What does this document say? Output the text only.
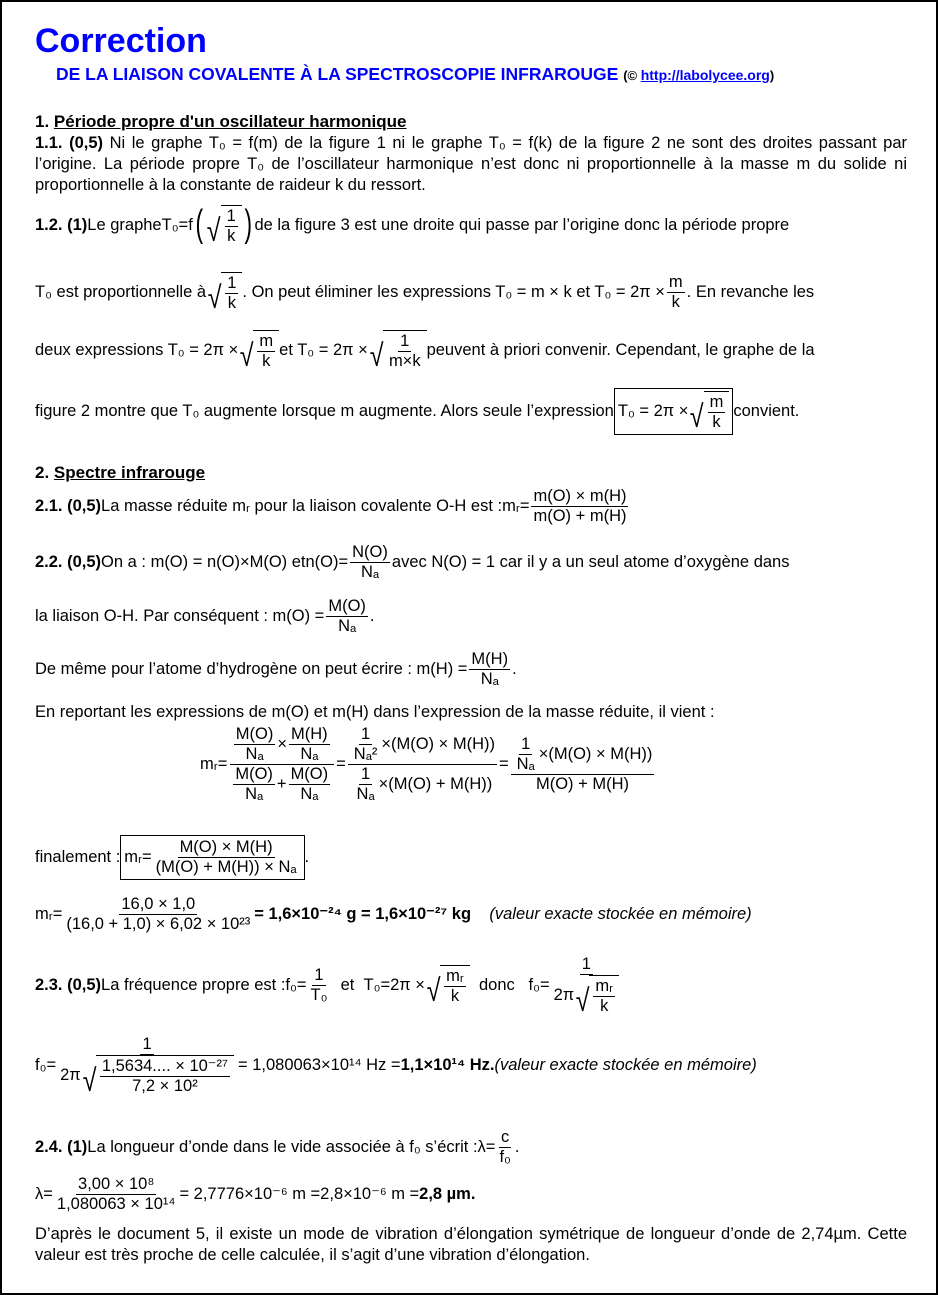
Correction
DE LA LIAISON COVALENTE À LA SPECTROSCOPIE INFRAROUGE (© http://labolycee.org)
1. Période propre d'un oscillateur harmonique
1.1. (0,5) Ni le graphe T₀ = f(m) de la figure 1 ni le graphe T₀ = f(k) de la figure 2 ne sont des droites passant par l’origine. La période propre T₀ de l’oscillateur harmonique n’est donc ni proportionnelle à la masse m du solide ni proportionnelle à la constante de raideur k du ressort.
1.2. (1) Le graphe T₀ = f ( √ $\frac{1}{k}$ ) de la figure 3 est une droite qui passe par l’origine donc la période propre
T₀ est proportionnelle à √ $\frac{1}{k}$ . On peut éliminer les expressions T₀ = m × k et $T_0 = 2\pi \times \frac{m}{k}$ . En revanche les
deux expressions T₀ = 2π × √ $\frac{m}{k}$ et T₀ = 2π × √ $\frac{1}{m\times k}$ peuvent à priori convenir. Cependant, le graphe de la
figure 2 montre que T₀ augmente lorsque m augmente. Alors seule l’expression T₀ = 2π × √ $\frac{m}{k}$ convient.
2. Spectre infrarouge
2.1. (0,5) La masse réduite mᵣ pour la liaison covalente O-H est : mᵣ = $\frac{m(O) \times m(H)}{m(O) + m(H)}$
2.2. (0,5) On a : m(O) = n(O)×M(O) et $n(O) = \frac{N(O)}{\text{Nₐ}}$ avec N(O) = 1 car il y a un seul atome d’oxygène dans
la liaison O-H. Par conséquent : $m(O) = \frac{M(O)}{\text{Nₐ}}$ .
De même pour l’atome d’hydrogène on peut écrire : $m(H) = \frac{M(H)}{\text{Nₐ}}$ .
En reportant les expressions de m(O) et m(H) dans l’expression de la masse réduite, il vient :
mᵣ = $\frac{\frac{M(O)}{\text{Nₐ}} \times \frac{M(H)}{\text{Nₐ}}}{\frac{M(O)}{\text{Nₐ}} + \frac{M(O)}{\text{Nₐ}}} = \frac{\frac{1}{\text{Nₐ²}} \times (M(O) \times M(H))}{\frac{1}{\text{Nₐ}} \times (M(O) + M(H))} = \frac{\frac{1}{\text{Nₐ}} \times (M(O) \times M(H))}{M(O) + M(H)}$
finalement : mᵣ = $\frac{M(O) \times M(H)}{\text{(M(O) + M(H)) × Nₐ}}$ .
mᵣ = $\frac{16,0 \times 1,0}{\text{(16,0 + 1,0) × 6,02 × 10²³}} = 1,6\times 10^{-24}$ g = 1,6×10⁻²⁷ kg
(valeur exacte stockée en mémoire)
2.3. (0,5) La fréquence propre est : $f_0 = \frac{1}{\text{T₀}}$
et
T₀ = 2π × √ $\frac{\text{mᵣ}}{k}$
donc
$f_0 = \frac{1}{2\pi √ \frac{\text{mᵣ}}{k}}$
$f_0 = \frac{1}{2\pi √ \frac{\text{1,5634.... × 10⁻²⁷}}{\text{7,2 × 10²}}} = 1,080063\times 10^{14}$ Hz = 1,1×10¹⁴ Hz. (valeur exacte stockée en mémoire)
2.4. (1) La longueur d’onde dans le vide associée à f₀ s’écrit : $\lambda = \frac{c}{\text{f₀}}$ .
$\lambda = \frac{\text{3,00 × 10⁸}}{\text{1,080063 × 10¹⁴}} = 2,7776\times 10^{-6}$ m =2,8×10⁻⁶ m = 2,8 µm.
D’après le document 5, il existe un mode de vibration d’élongation symétrique de longueur d’onde de 2,74µm. Cette valeur est très proche de celle calculée, il s’agit d’une vibration d’élongation.
